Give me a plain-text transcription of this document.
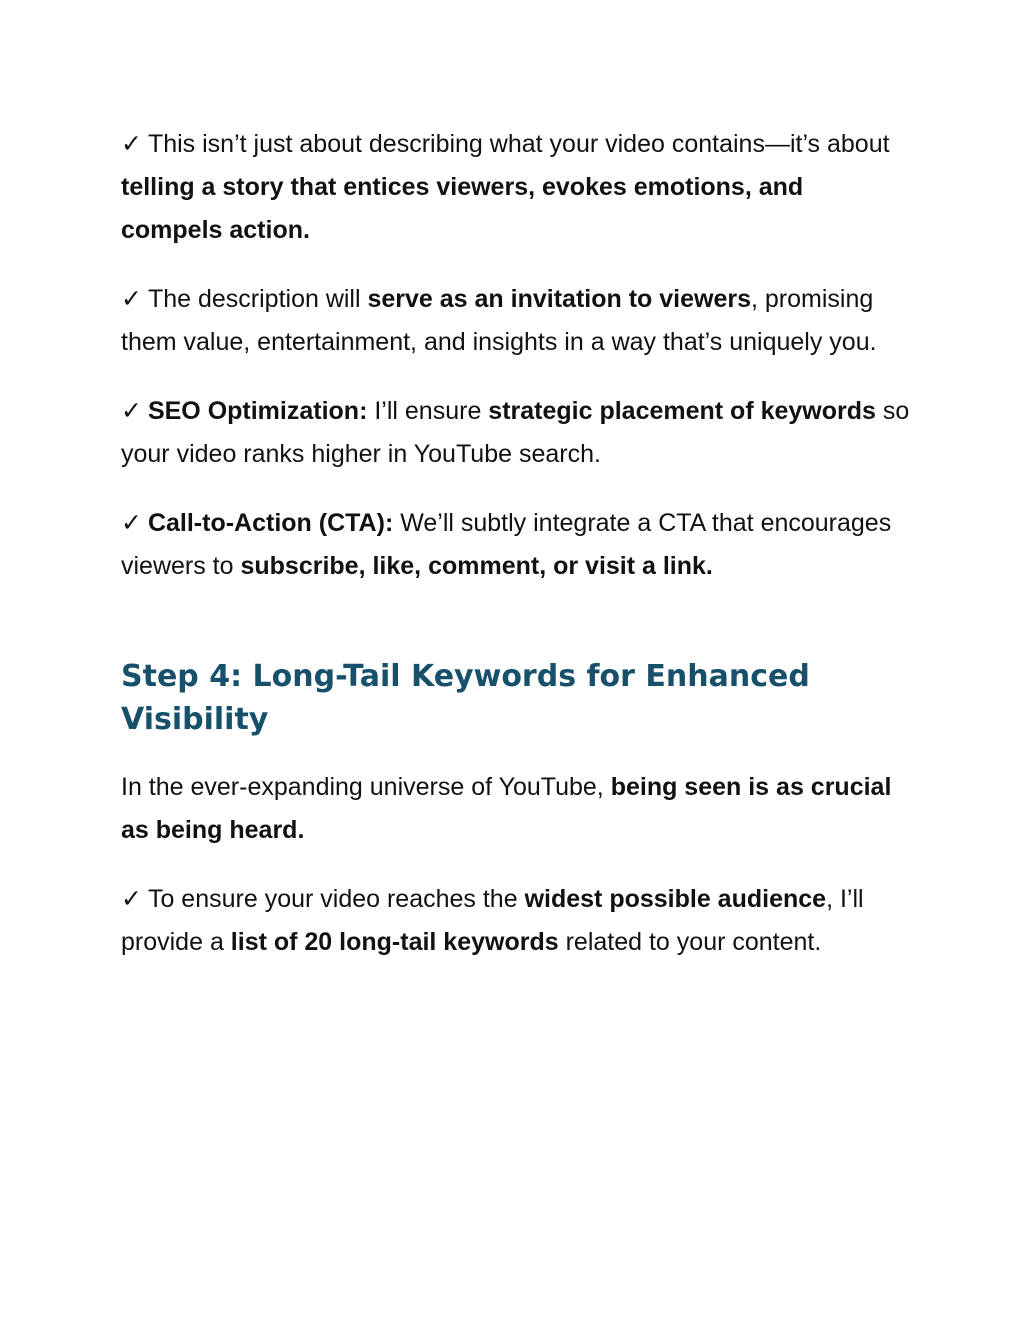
✓ This isn’t just about describing what your video contains—it’s about telling a story that entices viewers, evokes emotions, and compels action.

✓ The description will serve as an invitation to viewers, promising them value, entertainment, and insights in a way that’s uniquely you.

✓ SEO Optimization: I’ll ensure strategic placement of keywords so your video ranks higher in YouTube search.

✓ Call-to-Action (CTA): We’ll subtly integrate a CTA that encourages viewers to subscribe, like, comment, or visit a link.

Step 4: Long-Tail Keywords for Enhanced Visibility

In the ever-expanding universe of YouTube, being seen is as crucial as being heard.

✓ To ensure your video reaches the widest possible audience, I’ll provide a list of 20 long-tail keywords related to your content.
